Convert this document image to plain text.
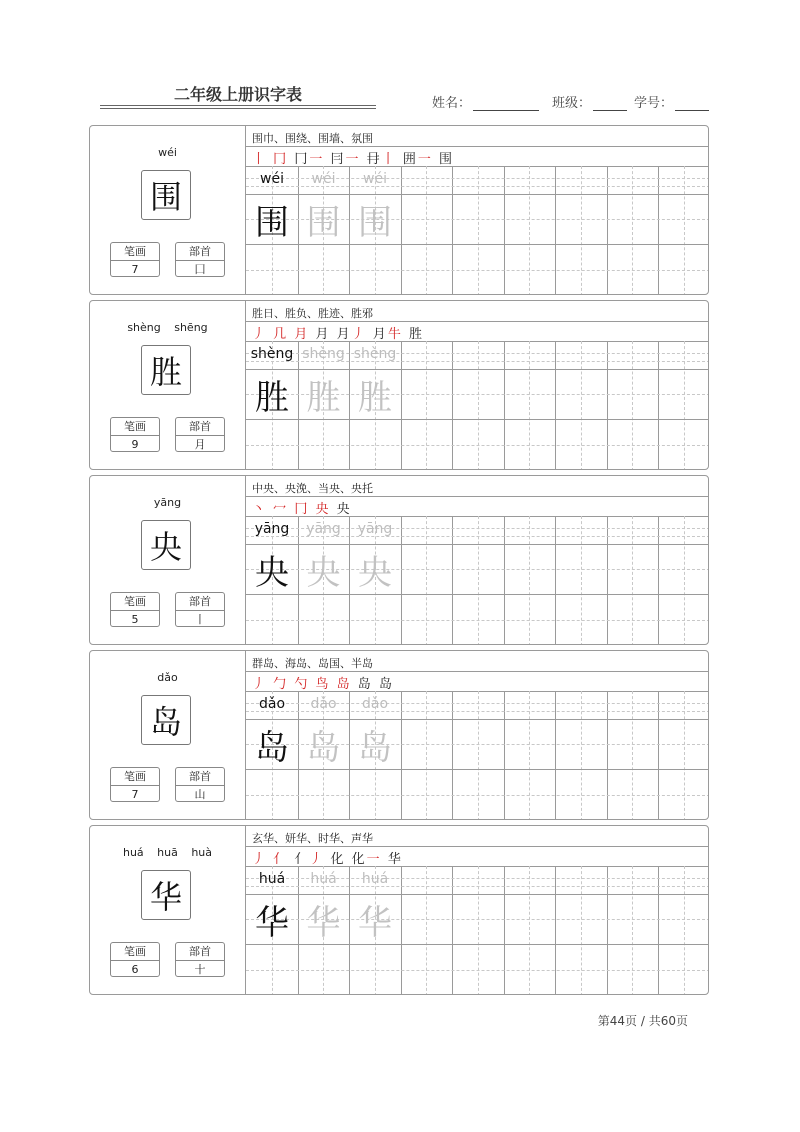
二年级上册识字表	姓名：	班级：	学号：
wéi
围
笔画
7
部首
囗
围巾、围绕、围墙、氛围
丨 冂 冂一 冃一 冄丨 囲一 围
wéi
围
wéi
围
wéi
围
shèng shēng
胜
笔画
9
部首
月
胜日、胜负、胜迹、胜邪
丿 几 月 月 月丿 月牛 胜
shèng
胜
shèng
胜
shèng
胜
yāng
央
笔画
5
部首
丨
中央、央浼、当央、央托
丶 冖 冂 央 央
yāng
央
yāng
央
yāng
央
dǎo
岛
笔画
7
部首
山
群岛、海岛、岛国、半岛
丿 勹 勺 鸟 岛 岛 岛
dǎo
岛
dǎo
岛
dǎo
岛
huá huā huà
华
笔画
6
部首
十
玄华、妍华、时华、声华
丿 亻 亻丿 化 化一 华
huá
华
huá
华
huá
华
第44页 / 共60页
